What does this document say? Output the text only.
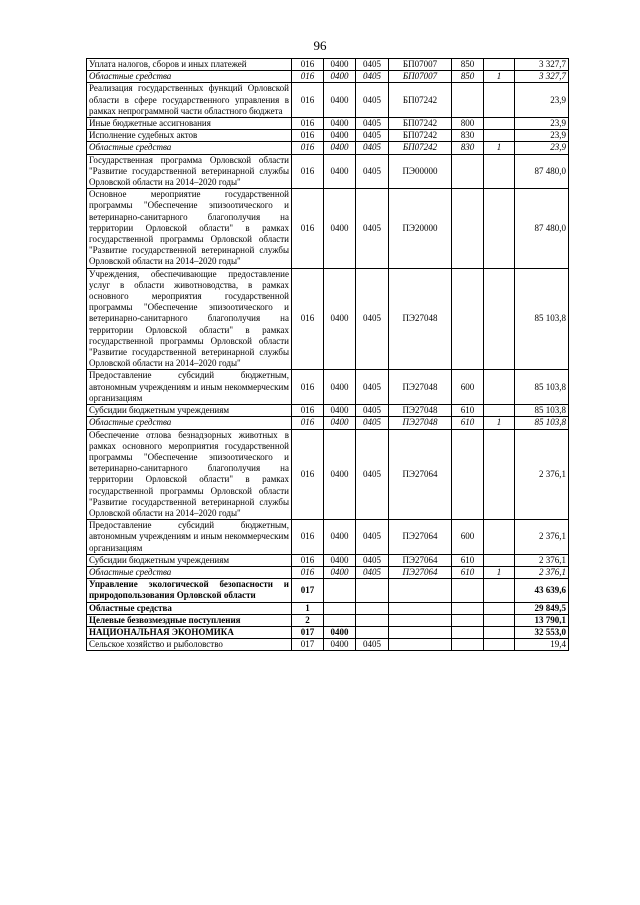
96
Уплата налогов, сборов и иных платежей	016	0400	0405	БП07007	850		3 327,7
Областные средства	016	0400	0405	БП07007	850	1	3 327,7
Реализация государственных функций Орловской области в сфере государственного управления в рамках непрограммной части областного бюджета	016	0400	0405	БП07242			23,9
Иные бюджетные ассигнования	016	0400	0405	БП07242	800		23,9
Исполнение судебных актов	016	0400	0405	БП07242	830		23,9
Областные средства	016	0400	0405	БП07242	830	1	23,9
Государственная программа Орловской области "Развитие государственной ветеринарной службы Орловской области на 2014–2020 годы"	016	0400	0405	ПЭ00000			87 480,0
Основное мероприятие государственной программы "Обеспечение эпизоотического и ветеринарно-санитарного благополучия на территории Орловской области" в рамках государственной программы Орловской области "Развитие государственной ветеринарной службы Орловской области на 2014–2020 годы"	016	0400	0405	ПЭ20000			87 480,0
Учреждения, обеспечивающие предоставление услуг в области животноводства, в рамках основного мероприятия государственной программы "Обеспечение эпизоотического и ветеринарно-санитарного благополучия на территории Орловской области" в рамках государственной программы Орловской области "Развитие государственной ветеринарной службы Орловской области на 2014–2020 годы"	016	0400	0405	ПЭ27048			85 103,8
Предоставление субсидий бюджетным, автономным учреждениям и иным некоммерческим организациям	016	0400	0405	ПЭ27048	600		85 103,8
Субсидии бюджетным учреждениям	016	0400	0405	ПЭ27048	610		85 103,8
Областные средства	016	0400	0405	ПЭ27048	610	1	85 103,8
Обеспечение отлова безнадзорных животных в рамках основного мероприятия государственной программы "Обеспечение эпизоотического и ветеринарно-санитарного благополучия на территории Орловской области" в рамках государственной программы Орловской области "Развитие государственной ветеринарной службы Орловской области на 2014–2020 годы"	016	0400	0405	ПЭ27064			2 376,1
Предоставление субсидий бюджетным, автономным учреждениям и иным некоммерческим организациям	016	0400	0405	ПЭ27064	600		2 376,1
Субсидии бюджетным учреждениям	016	0400	0405	ПЭ27064	610		2 376,1
Областные средства	016	0400	0405	ПЭ27064	610	1	2 376,1
Управление экологической безопасности и природопользования Орловской области	017						43 639,6
Областные средства	1						29 849,5
Целевые безвозмездные поступления	2						13 790,1
НАЦИОНАЛЬНАЯ ЭКОНОМИКА	017	0400					32 553,0
Сельское хозяйство и рыболовство	017	0400	0405				19,4
